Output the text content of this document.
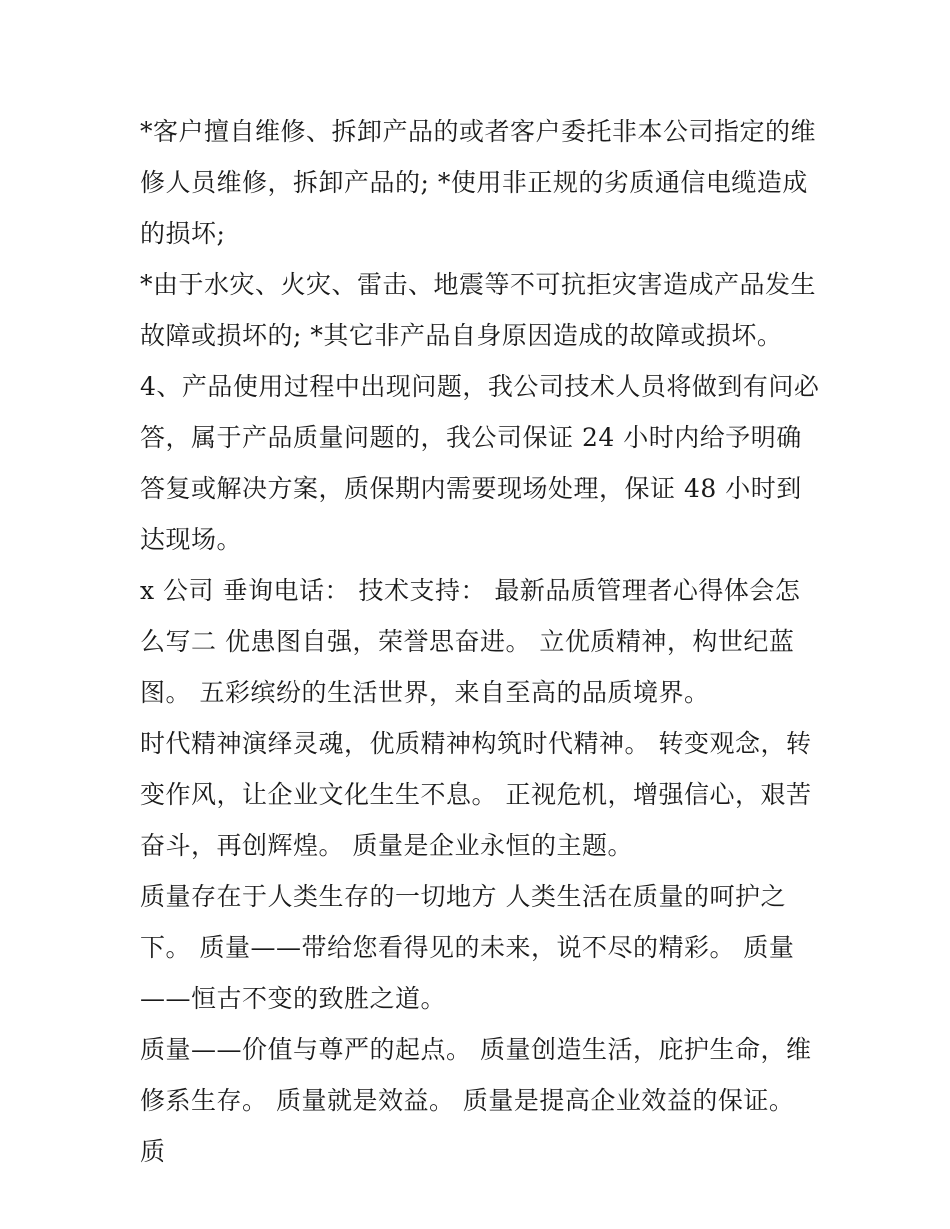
*客户擅自维修、拆卸产品的或者客户委托非本公司指定的维修人员维修，拆卸产品的; *使用非正规的劣质通信电缆造成的损坏;

*由于水灾、火灾、雷击、地震等不可抗拒灾害造成产品发生故障或损坏的; *其它非产品自身原因造成的故障或损坏。

4、产品使用过程中出现问题，我公司技术人员将做到有问必答，属于产品质量问题的，我公司保证 24 小时内给予明确答复或解决方案，质保期内需要现场处理，保证 48 小时到达现场。

x 公司 垂询电话： 技术支持： 最新品质管理者心得体会怎么写二 优患图自强，荣誉思奋进。 立优质精神，构世纪蓝图。 五彩缤纷的生活世界，来自至高的品质境界。

时代精神演绎灵魂，优质精神构筑时代精神。 转变观念，转变作风，让企业文化生生不息。 正视危机，增强信心，艰苦奋斗，再创辉煌。 质量是企业永恒的主题。

质量存在于人类生存的一切地方 人类生活在质量的呵护之下。 质量——带给您看得见的未来，说不尽的精彩。 质量——恒古不变的致胜之道。

质量——价值与尊严的起点。 质量创造生活，庇护生命，维修系生存。 质量就是效益。 质量是提高企业效益的保证。 质
